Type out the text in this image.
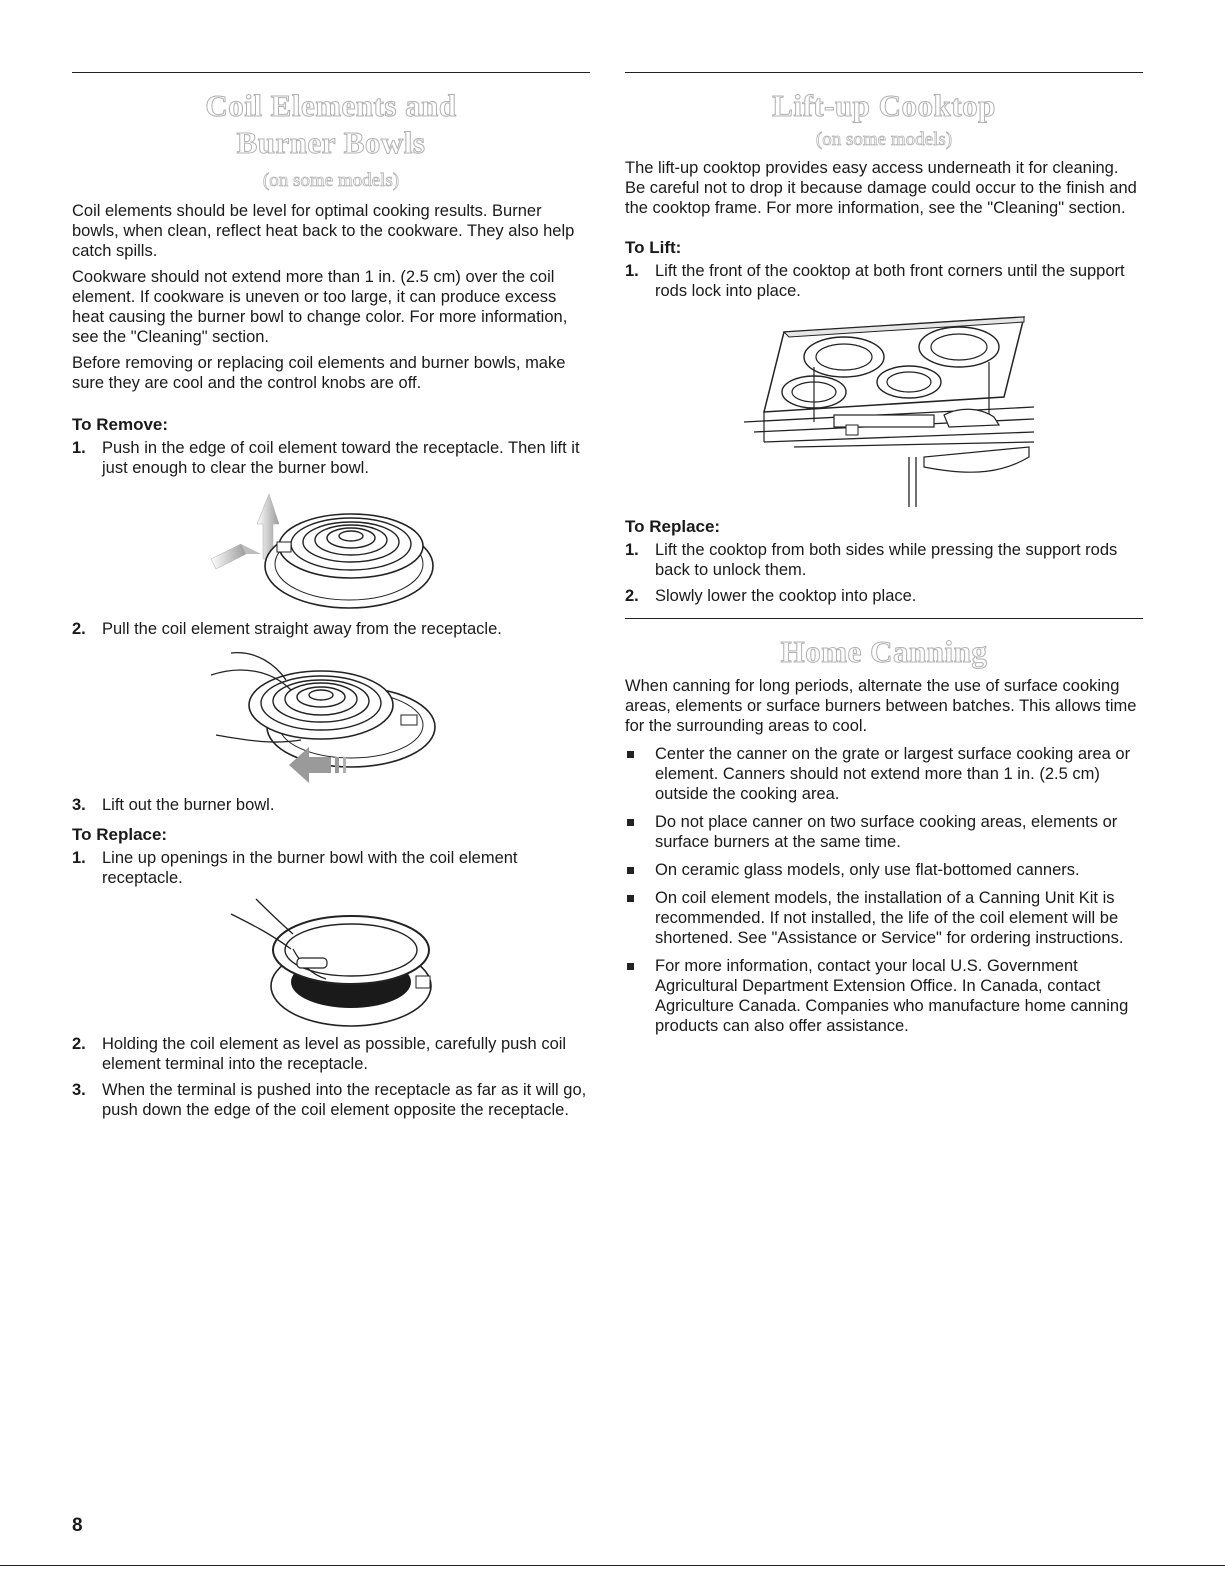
Coil Elements and
Burner Bowls
(on some models)

Coil elements should be level for optimal cooking results. Burner bowls, when clean, reflect heat back to the cookware. They also help catch spills.

Cookware should not extend more than 1 in. (2.5 cm) over the coil element. If cookware is uneven or too large, it can produce excess heat causing the burner bowl to change color. For more information, see the "Cleaning" section.

Before removing or replacing coil elements and burner bowls, make sure they are cool and the control knobs are off.

To Remove:
1. Push in the edge of coil element toward the receptacle. Then lift it just enough to clear the burner bowl.
2. Pull the coil element straight away from the receptacle.
3. Lift out the burner bowl.
To Replace:
1. Line up openings in the burner bowl with the coil element receptacle.
2. Holding the coil element as level as possible, carefully push coil element terminal into the receptacle.
3. When the terminal is pushed into the receptacle as far as it will go, push down the edge of the coil element opposite the receptacle.
Lift-up Cooktop
(on some models)

The lift-up cooktop provides easy access underneath it for cleaning. Be careful not to drop it because damage could occur to the finish and the cooktop frame. For more information, see the "Cleaning" section.

To Lift:
1. Lift the front of the cooktop at both front corners until the support rods lock into place.
To Replace:
1. Lift the cooktop from both sides while pressing the support rods back to unlock them.
2. Slowly lower the cooktop into place.
Home Canning

When canning for long periods, alternate the use of surface cooking areas, elements or surface burners between batches. This allows time for the surrounding areas to cool.

Center the canner on the grate or largest surface cooking area or element. Canners should not extend more than 1 in. (2.5 cm) outside the cooking area.
Do not place canner on two surface cooking areas, elements or surface burners at the same time.
On ceramic glass models, only use flat-bottomed canners.
On coil element models, the installation of a Canning Unit Kit is recommended. If not installed, the life of the coil element will be shortened. See "Assistance or Service" for ordering instructions.
For more information, contact your local U.S. Government Agricultural Department Extension Office. In Canada, contact Agriculture Canada. Companies who manufacture home canning products can also offer assistance.
8
